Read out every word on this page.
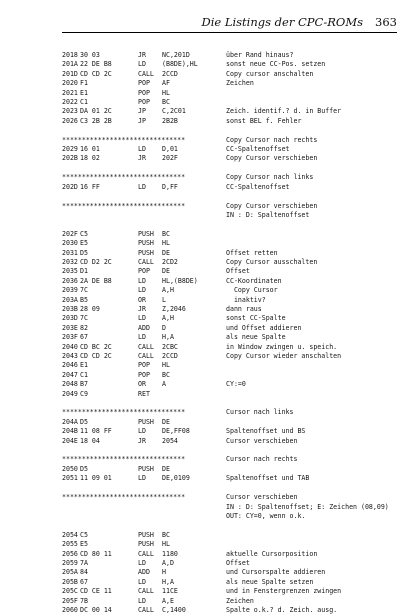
Die Listings der CPC-ROMs 363
2018 30 03	JR NC,201D	über Rand hinaus?
201A 22 DE B8	LD (B8DE),HL	sonst neue CC-Pos. setzen
201D CD CD 2C	CALL 2CCD	Copy cursor anschalten
2020 F1	POP AF	Zeichen
2021 E1	POP HL
2022 C1	POP BC
2023 DA 01 2C	JP C,2C01	Zeich. identif.? d. in Buffer
2026 C3 2B 2B	JP 2B2B	sonst BEL f. Fehler
*******************************	Copy Cursor nach rechts
2029 16 01	LD D,01	CC-Spaltenoffset
202B 18 02	JR 202F	Copy Cursor verschieben
*******************************	Copy Cursor nach links
202D 16 FF	LD D,FF	CC-Spaltenoffset
*******************************	Copy Cursor verschieben
IN : D: Spaltenoffset
202F C5	PUSH BC
2030 E5	PUSH HL
2031 D5	PUSH DE	Offset retten
2032 CD D2 2C	CALL 2CD2	Copy Cursor ausschalten
2035 D1	POP DE	Offset
2036 2A DE B8	LD HL,(B8DE)	CC-Koordinaten
2039 7C	LD A,H	Copy Cursor
203A B5	OR L	inaktiv?
203B 28 09	JR Z,2046	dann raus
203D 7C	LD A,H	sonst CC-Spalte
203E 82	ADD D	und Offset addieren
203F 67	LD H,A	als neue Spalte
2040 CD BC 2C	CALL 2CBC	in Window zwingen u. speich.
2043 CD CD 2C	CALL 2CCD	Copy Cursor wieder anschalten
2046 E1	POP HL
2047 C1	POP BC
2048 B7	OR A	CY:=0
2049 C9	RET
*******************************	Cursor nach links
204A D5	PUSH DE
204B 11 08 FF	LD DE,FF08	Spaltenoffset und BS
204E 18 04	JR 2054	Cursor verschieben
*******************************	Cursor nach rechts
2050 D5	PUSH DE
2051 11 09 01	LD DE,0109	Spaltenoffset und TAB
*******************************	Cursor verschieben
IN : D: Spaltenoffset; E: Zeichen (08,09)
OUT: CY=0, wenn o.k.
2054 C5	PUSH BC
2055 E5	PUSH HL
2056 CD 80 11	CALL 1180	aktuelle Cursorposition
2059 7A	LD A,D	Offset
205A 84	ADD H	und Cursorspalte addieren
205B 67	LD H,A	als neue Spalte setzen
205C CD CE 11	CALL 11CE	und in Fenstergrenzen zwingen
205F 7B	LD A,E	Zeichen
2060 DC 00 14	CALL C,1400	Spalte o.k.? d. Zeich. ausg.
